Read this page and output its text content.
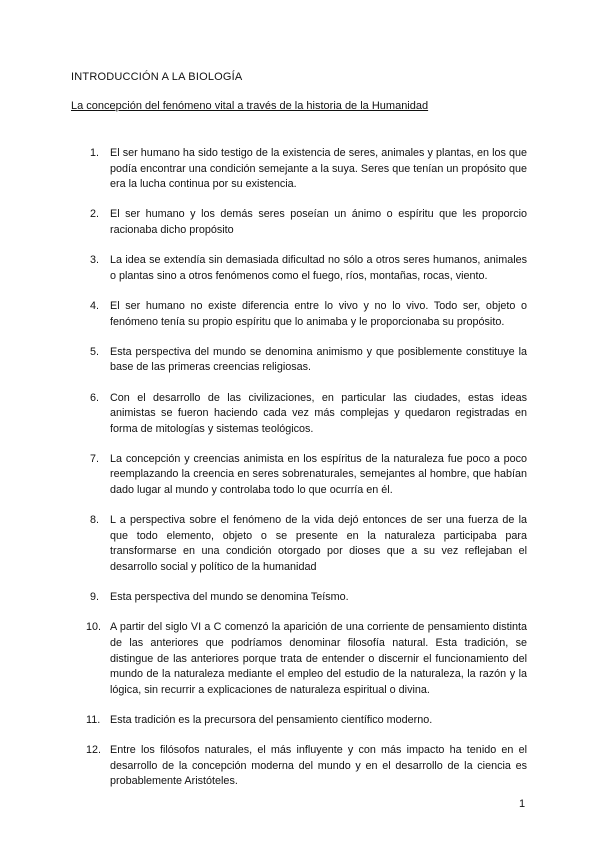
INTRODUCCIÓN A LA BIOLOGÍA
La concepción del fenómeno vital a través de la historia de la Humanidad
1. El ser humano ha sido testigo de la existencia de seres, animales y plantas, en los que podía encontrar una condición semejante a la suya. Seres que tenían un propósito que era la lucha continua por su existencia.
2. El ser humano y los demás seres poseían un ánimo o espíritu que les proporcio racionaba dicho propósito
3. La idea se extendía sin demasiada dificultad no sólo a otros seres humanos, animales o plantas sino a otros fenómenos como el fuego, ríos, montañas, rocas, viento.
4. El ser humano no existe diferencia entre lo vivo y no lo vivo. Todo ser, objeto o fenómeno tenía su propio espíritu que lo animaba y le proporcionaba su propósito.
5. Esta perspectiva del mundo se denomina animismo y que posiblemente constituye la base de las primeras creencias religiosas.
6. Con el desarrollo de las civilizaciones, en particular las ciudades, estas ideas animistas se fueron haciendo cada vez más complejas y quedaron registradas en forma de mitologías y sistemas teológicos.
7. La concepción y creencias animista en los espíritus de la naturaleza fue poco a poco reemplazando la creencia en seres sobrenaturales, semejantes al hombre, que habían dado lugar al mundo y controlaba todo lo que ocurría en él.
8. L a perspectiva sobre el fenómeno de la vida dejó entonces de ser una fuerza de la que todo elemento, objeto o se presente en la naturaleza participaba para transformarse en una condición otorgado por dioses que a su vez reflejaban el desarrollo social y político de la humanidad
9. Esta perspectiva del mundo se denomina Teísmo.
10. A partir del siglo VI a C comenzó la aparición de una corriente de pensamiento distinta de las anteriores que podríamos denominar filosofía natural. Esta tradición, se distingue de las anteriores porque trata de entender o discernir el funcionamiento del mundo de la naturaleza mediante el empleo del estudio de la naturaleza, la razón y la lógica, sin recurrir a explicaciones de naturaleza espiritual o divina.
11. Esta tradición es la precursora del pensamiento científico moderno.
12. Entre los filósofos naturales, el más influyente y con más impacto ha tenido en el desarrollo de la concepción moderna del mundo y en el desarrollo de la ciencia es probablemente Aristóteles.
1
